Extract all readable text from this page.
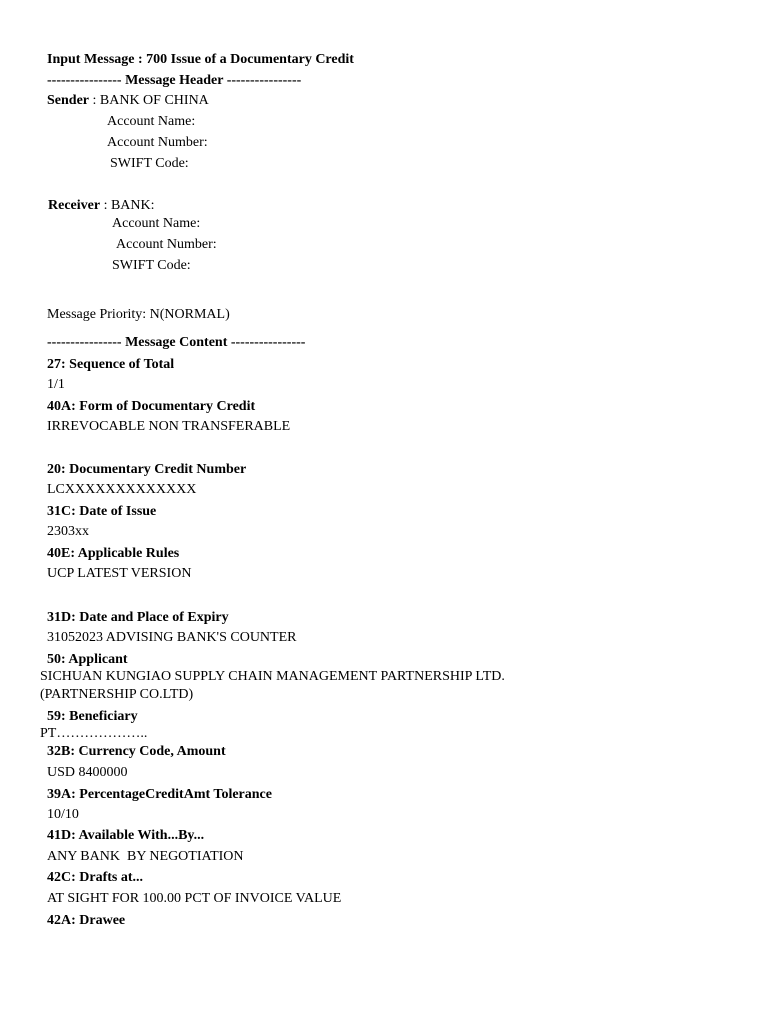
Input Message : 700 Issue of a Documentary Credit
---------------- Message Header ----------------
Sender : BANK OF CHINA
Account Name:
Account Number:
SWIFT Code:
Receiver : BANK:
Account Name:
Account Number:
SWIFT Code:
Message Priority: N(NORMAL)
---------------- Message Content ----------------
27: Sequence of Total
1/1
40A: Form of Documentary Credit
IRREVOCABLE NON TRANSFERABLE
20: Documentary Credit Number
LCXXXXXXXXXXXXX
31C: Date of Issue
2303xx
40E: Applicable Rules
UCP LATEST VERSION
31D: Date and Place of Expiry
31052023 ADVISING BANK'S COUNTER
50: Applicant
SICHUAN KUNGIAO SUPPLY CHAIN MANAGEMENT PARTNERSHIP LTD.
(PARTNERSHIP CO.LTD)
59: Beneficiary
PT………………..
32B: Currency Code, Amount
USD 8400000
39A: PercentageCreditAmt Tolerance
10/10
41D: Available With...By...
ANY BANK  BY NEGOTIATION
42C: Drafts at...
AT SIGHT FOR 100.00 PCT OF INVOICE VALUE
42A: Drawee
